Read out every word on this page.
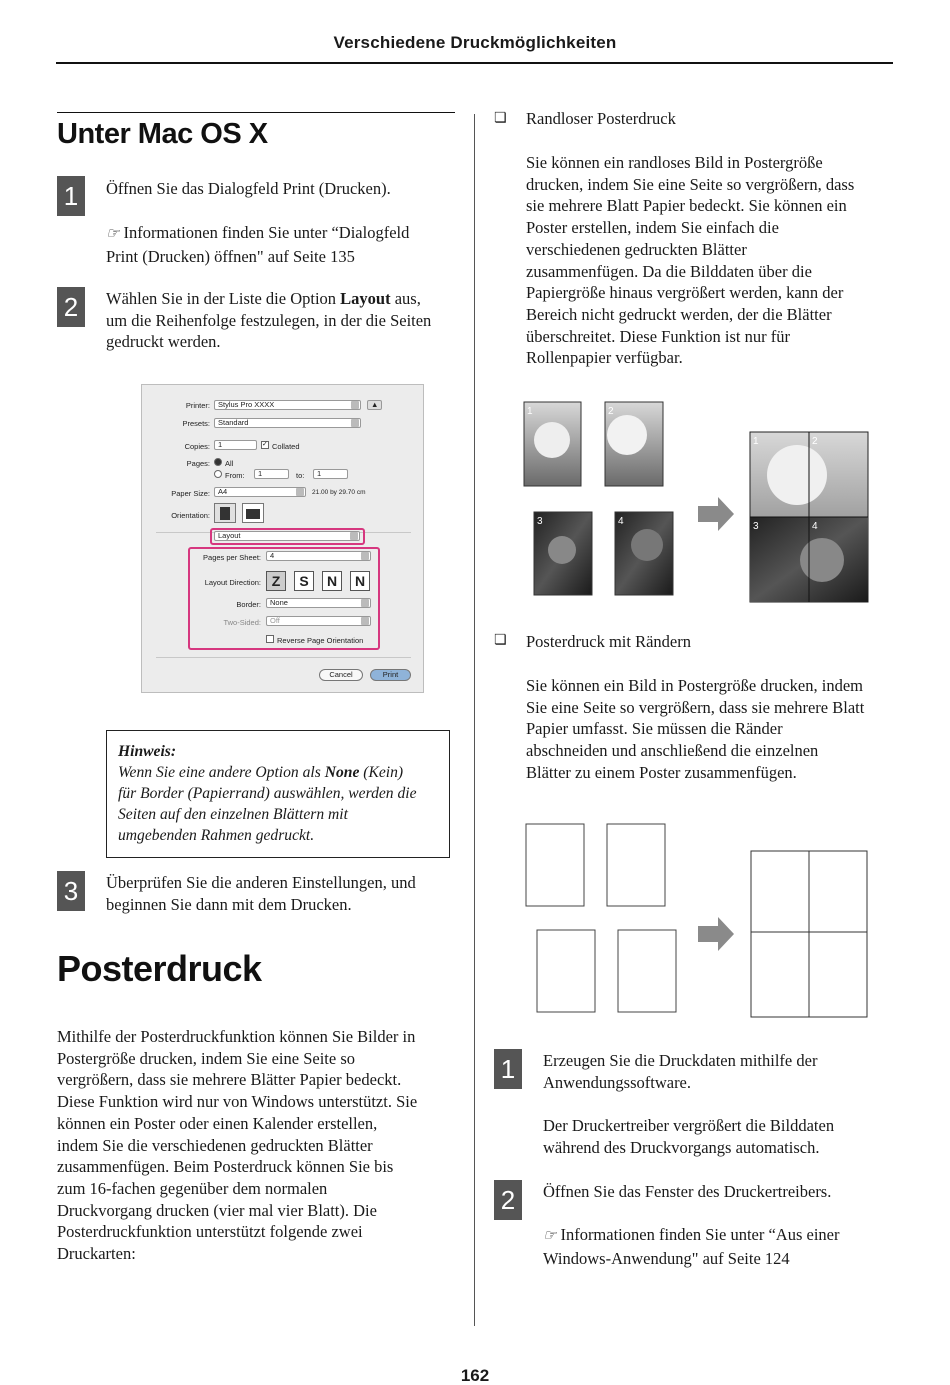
Verschiedene Druckmöglichkeiten
Unter Mac OS X
1	Öffnen Sie das Dialogfeld Print (Drucken).
☞ Informationen finden Sie unter “Dialogfeld
Print (Drucken) öffnen" auf Seite 135
2	Wählen Sie in der Liste die Option Layout aus,
um die Reihenfolge festzulegen, in der die Seiten
gedruckt werden.
Printer:	Stylus Pro XXXX	▲
Presets:	Standard
Copies:	1	✓ Collated
Pages: All
From:	1	to:	1
Paper Size:	A4	21.00 by 29.70 cm
Orientation:
Layout
Pages per Sheet:	4
Layout Direction: Z	S	N	N
Border:	None
Two-Sided:	Off
Reverse Page Orientation
Cancel	Print
Hinweis:
Wenn Sie eine andere Option als None (Kein)
für Border (Papierrand) auswählen, werden die
Seiten auf den einzelnen Blättern mit
umgebenden Rahmen gedruckt.
3	Überprüfen Sie die anderen Einstellungen, und
beginnen Sie dann mit dem Drucken.
Posterdruck
Mithilfe der Posterdruckfunktion können Sie Bilder in
Postergröße drucken, indem Sie eine Seite so
vergrößern, dass sie mehrere Blätter Papier bedeckt.
Diese Funktion wird nur von Windows unterstützt. Sie
können ein Poster oder einen Kalender erstellen,
indem Sie die verschiedenen gedruckten Blätter
zusammenfügen. Beim Posterdruck können Sie bis
zum 16-fachen gegenüber dem normalen
Druckvorgang drucken (vier mal vier Blatt). Die
Posterdruckfunktion unterstützt folgende zwei
Druckarten:
❏ Randloser Posterdruck
Sie können ein randloses Bild in Postergröße
drucken, indem Sie eine Seite so vergrößern, dass
sie mehrere Blatt Papier bedeckt. Sie können ein
Poster erstellen, indem Sie einfach die
verschiedenen gedruckten Blätter
zusammenfügen. Da die Bilddaten über die
Papiergröße hinaus vergrößert werden, kann der
Bereich nicht gedruckt werden, der die Blätter
überschreitet. Diese Funktion ist nur für
Rollenpapier verfügbar.
1	2
3	4
1	2
3	4
❏ Posterdruck mit Rändern
Sie können ein Bild in Postergröße drucken, indem
Sie eine Seite so vergrößern, dass sie mehrere Blatt
Papier umfasst. Sie müssen die Ränder
abschneiden und anschließend die einzelnen
Blätter zu einem Poster zusammenfügen.
1	Erzeugen Sie die Druckdaten mithilfe der
Anwendungssoftware.
Der Druckertreiber vergrößert die Bilddaten
während des Druckvorgangs automatisch.
2	Öffnen Sie das Fenster des Druckertreibers.
☞ Informationen finden Sie unter “Aus einer
Windows-Anwendung" auf Seite 124
162
